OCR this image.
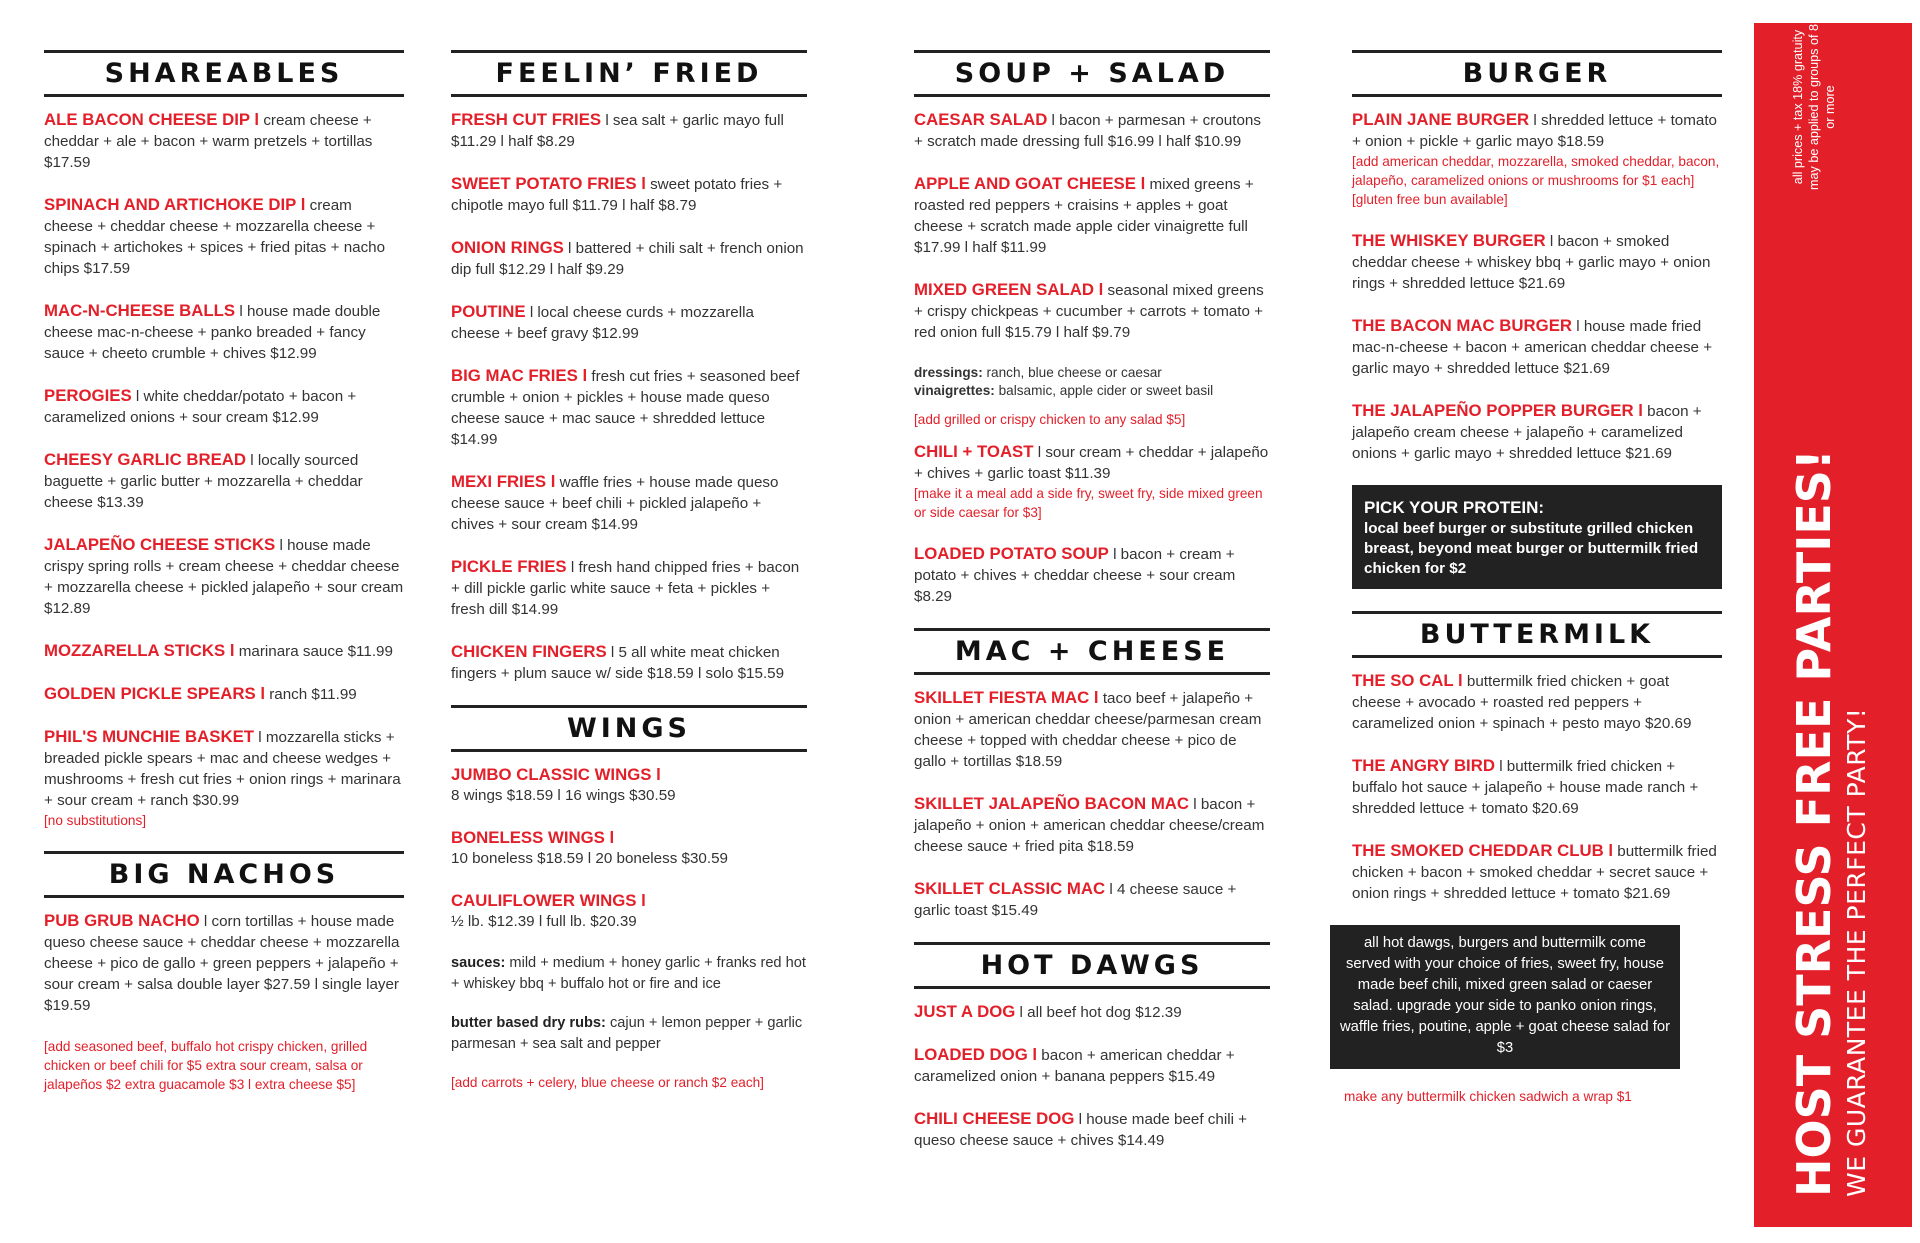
SHAREABLES
ALE BACON CHEESE DIP l cream cheese + cheddar + ale + bacon + warm pretzels + tortillas $17.59
SPINACH AND ARTICHOKE DIP l cream cheese + cheddar cheese + mozzarella cheese + spinach + artichokes + spices + fried pitas + nacho chips $17.59
MAC-N-CHEESE BALLS l house made double cheese mac-n-cheese + panko breaded + fancy sauce + cheeto crumble + chives $12.99
PEROGIES l white cheddar/potato + bacon + caramelized onions + sour cream $12.99
CHEESY GARLIC BREAD l locally sourced baguette + garlic butter + mozzarella + cheddar cheese $13.39
JALAPEÑO CHEESE STICKS l house made crispy spring rolls + cream cheese + cheddar cheese + mozzarella cheese + pickled jalapeño + sour cream $12.89
MOZZARELLA STICKS l marinara sauce $11.99
GOLDEN PICKLE SPEARS l ranch $11.99
PHIL'S MUNCHIE BASKET l mozzarella sticks + breaded pickle spears + mac and cheese wedges + mushrooms + fresh cut fries + onion rings + marinara + sour cream + ranch $30.99
[no substitutions]
BIG NACHOS
PUB GRUB NACHO l corn tortillas + house made queso cheese sauce + cheddar cheese + mozzarella cheese + pico de gallo + green peppers + jalapeño + sour cream + salsa double layer $27.59 l single layer $19.59
[add seasoned beef, buffalo hot crispy chicken, grilled chicken or beef chili for $5 extra sour cream, salsa or jalapeños $2 extra guacamole $3 l extra cheese $5]
FEELIN’ FRIED
FRESH CUT FRIES l sea salt + garlic mayo full $11.29 l half $8.29
SWEET POTATO FRIES l sweet potato fries + chipotle mayo full $11.79 l half $8.79
ONION RINGS l battered + chili salt + french onion dip full $12.29 l half $9.29
POUTINE l local cheese curds + mozzarella cheese + beef gravy $12.99
BIG MAC FRIES l fresh cut fries + seasoned beef crumble + onion + pickles + house made queso cheese sauce + mac sauce + shredded lettuce $14.99
MEXI FRIES l waffle fries + house made queso cheese sauce + beef chili + pickled jalapeño + chives + sour cream $14.99
PICKLE FRIES l fresh hand chipped fries + bacon + dill pickle garlic white sauce + feta + pickles + fresh dill $14.99
CHICKEN FINGERS l 5 all white meat chicken fingers + plum sauce w/ side $18.59 l solo $15.59
WINGS
JUMBO CLASSIC WINGS l
8 wings $18.59 l 16 wings $30.59
BONELESS WINGS l
10 boneless $18.59 l 20 boneless $30.59
CAULIFLOWER WINGS l
½ lb. $12.39 l full lb. $20.39
sauces: mild + medium + honey garlic + franks red hot + whiskey bbq + buffalo hot or fire and ice
butter based dry rubs: cajun + lemon pepper + garlic parmesan + sea salt and pepper
[add carrots + celery, blue cheese or ranch $2 each]
SOUP + SALAD
CAESAR SALAD l bacon + parmesan + croutons + scratch made dressing full $16.99 l half $10.99
APPLE AND GOAT CHEESE l mixed greens + roasted red peppers + craisins + apples + goat cheese + scratch made apple cider vinaigrette full $17.99 l half $11.99
MIXED GREEN SALAD l seasonal mixed greens + crispy chickpeas + cucumber + carrots + tomato + red onion full $15.79 l half $9.79
dressings: ranch, blue cheese or caesar
vinaigrettes: balsamic, apple cider or sweet basil
[add grilled or crispy chicken to any salad $5]
CHILI + TOAST l sour cream + cheddar + jalapeño + chives + garlic toast $11.39
[make it a meal add a side fry, sweet fry, side mixed green or side caesar for $3]
LOADED POTATO SOUP l bacon + cream + potato + chives + cheddar cheese + sour cream $8.29
MAC + CHEESE
SKILLET FIESTA MAC l taco beef + jalapeño + onion + american cheddar cheese/parmesan cream cheese + topped with cheddar cheese + pico de gallo + tortillas $18.59
SKILLET JALAPEÑO BACON MAC l bacon + jalapeño + onion + american cheddar cheese/cream cheese sauce + fried pita $18.59
SKILLET CLASSIC MAC l 4 cheese sauce + garlic toast $15.49
HOT DAWGS
JUST A DOG l all beef hot dog $12.39
LOADED DOG l bacon + american cheddar + caramelized onion + banana peppers $15.49
CHILI CHEESE DOG l house made beef chili + queso cheese sauce + chives $14.49
BURGER
PLAIN JANE BURGER l shredded lettuce + tomato + onion + pickle + garlic mayo $18.59
[add american cheddar, mozzarella, smoked cheddar, bacon, jalapeño, caramelized onions or mushrooms for $1 each] [gluten free bun available]
THE WHISKEY BURGER l bacon + smoked cheddar cheese + whiskey bbq + garlic mayo + onion rings + shredded lettuce $21.69
THE BACON MAC BURGER l house made fried mac-n-cheese + bacon + american cheddar cheese + garlic mayo + shredded lettuce $21.69
THE JALAPEÑO POPPER BURGER l bacon + jalapeño cream cheese + jalapeño + caramelized onions + garlic mayo + shredded lettuce $21.69
PICK YOUR PROTEIN:
local beef burger or substitute grilled chicken breast, beyond meat burger or buttermilk fried chicken for $2
BUTTERMILK
THE SO CAL l buttermilk fried chicken + goat cheese + avocado + roasted red peppers + caramelized onion + spinach + pesto mayo $20.69
THE ANGRY BIRD l buttermilk fried chicken + buffalo hot sauce + jalapeño + house made ranch + shredded lettuce + tomato $20.69
THE SMOKED CHEDDAR CLUB l buttermilk fried chicken + bacon + smoked cheddar + secret sauce + onion rings + shredded lettuce + tomato $21.69
all hot dawgs, burgers and buttermilk come served with your choice of fries, sweet fry, house made beef chili, mixed green salad or caeser salad. upgrade your side to panko onion rings, waffle fries, poutine, apple + goat cheese salad for $3
make any buttermilk chicken sadwich a wrap $1
all prices + tax 18% gratuity may be applied to groups of 8 or more
HOST STRESS FREE PARTIES! WE GUARANTEE THE PERFECT PARTY!
